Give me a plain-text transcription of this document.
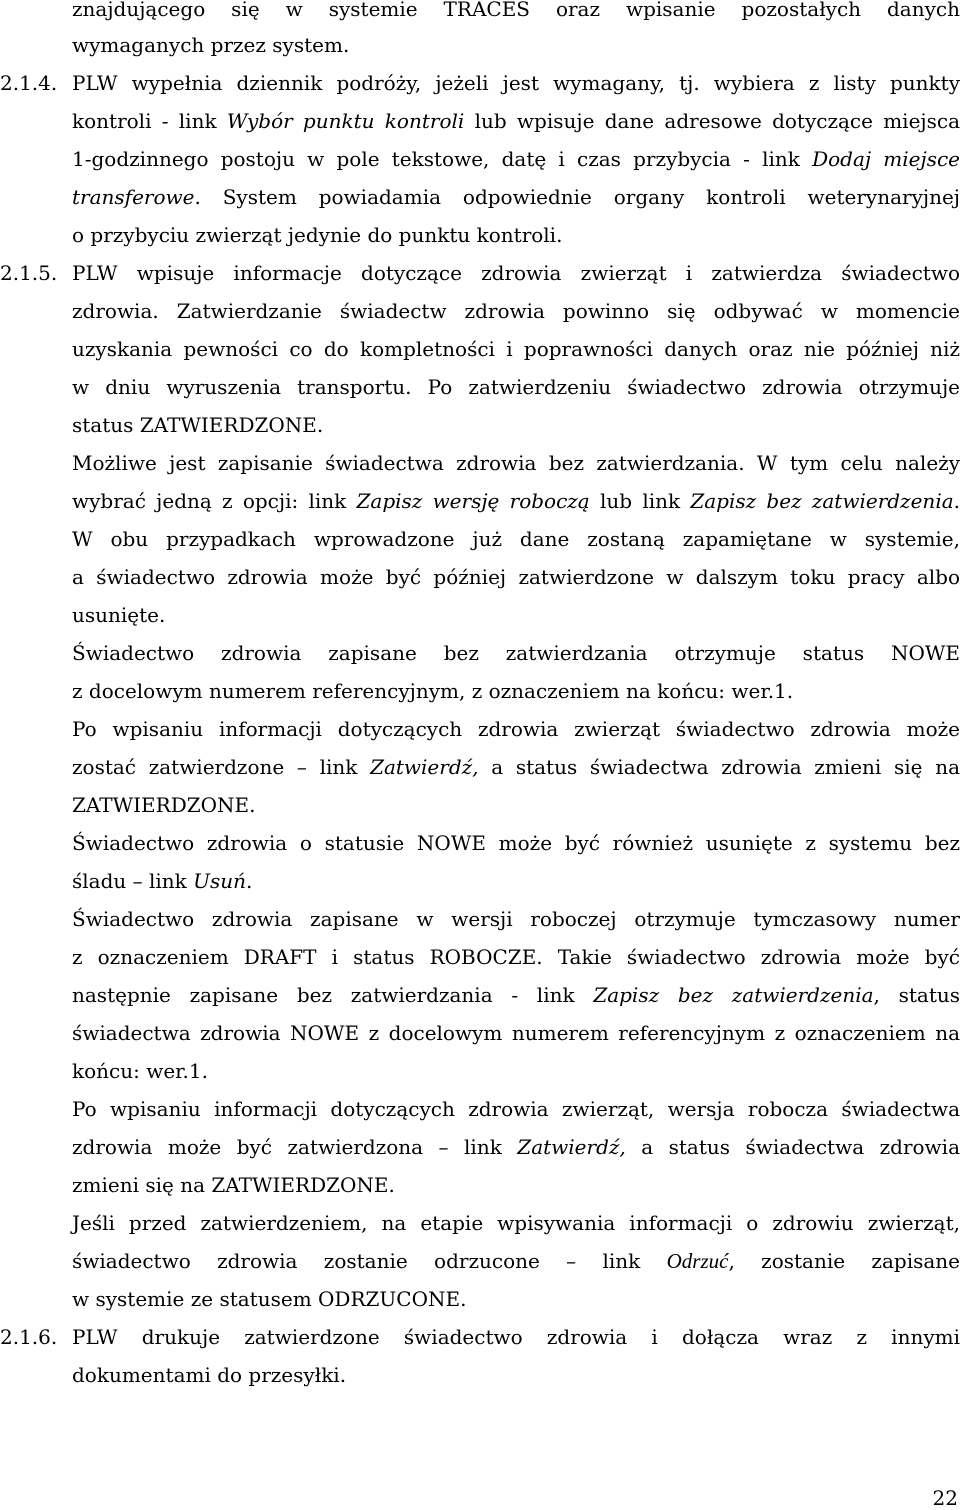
znajdującego się w systemie TRACES oraz wpisanie pozostałych danych
wymaganych przez system.
2.1.4. PLW wypełnia dziennik podróży, jeżeli jest wymagany, tj. wybiera z listy punkty
kontroli - link Wybór punktu kontroli lub wpisuje dane adresowe dotyczące miejsca
1-godzinnego postoju w pole tekstowe, datę i czas przybycia - link Dodaj miejsce
transferowe. System powiadamia odpowiednie organy kontroli weterynaryjnej
o przybyciu zwierząt jedynie do punktu kontroli.
2.1.5. PLW wpisuje informacje dotyczące zdrowia zwierząt i zatwierdza świadectwo
zdrowia. Zatwierdzanie świadectw zdrowia powinno się odbywać w momencie
uzyskania pewności co do kompletności i poprawności danych oraz nie później niż
w dniu wyruszenia transportu. Po zatwierdzeniu świadectwo zdrowia otrzymuje
status ZATWIERDZONE.
Możliwe jest zapisanie świadectwa zdrowia bez zatwierdzania. W tym celu należy
wybrać jedną z opcji: link Zapisz wersję roboczą lub link Zapisz bez zatwierdzenia.
W obu przypadkach wprowadzone już dane zostaną zapamiętane w systemie,
a świadectwo zdrowia może być później zatwierdzone w dalszym toku pracy albo
usunięte.
Świadectwo zdrowia zapisane bez zatwierdzania otrzymuje status NOWE
z docelowym numerem referencyjnym, z oznaczeniem na końcu: wer.1.
Po wpisaniu informacji dotyczących zdrowia zwierząt świadectwo zdrowia może
zostać zatwierdzone – link Zatwierdź, a status świadectwa zdrowia zmieni się na
ZATWIERDZONE.
Świadectwo zdrowia o statusie NOWE może być również usunięte z systemu bez
śladu – link Usuń.
Świadectwo zdrowia zapisane w wersji roboczej otrzymuje tymczasowy numer
z oznaczeniem DRAFT i status ROBOCZE. Takie świadectwo zdrowia może być
następnie zapisane bez zatwierdzania - link Zapisz bez zatwierdzenia, status
świadectwa zdrowia NOWE z docelowym numerem referencyjnym z oznaczeniem na
końcu: wer.1.
Po wpisaniu informacji dotyczących zdrowia zwierząt, wersja robocza świadectwa
zdrowia może być zatwierdzona – link Zatwierdź, a status świadectwa zdrowia
zmieni się na ZATWIERDZONE.
Jeśli przed zatwierdzeniem, na etapie wpisywania informacji o zdrowiu zwierząt,
świadectwo zdrowia zostanie odrzucone – link Odrzuć, zostanie zapisane
w systemie ze statusem ODRZUCONE.
2.1.6. PLW drukuje zatwierdzone świadectwo zdrowia i dołącza wraz z innymi
dokumentami do przesyłki.
22
